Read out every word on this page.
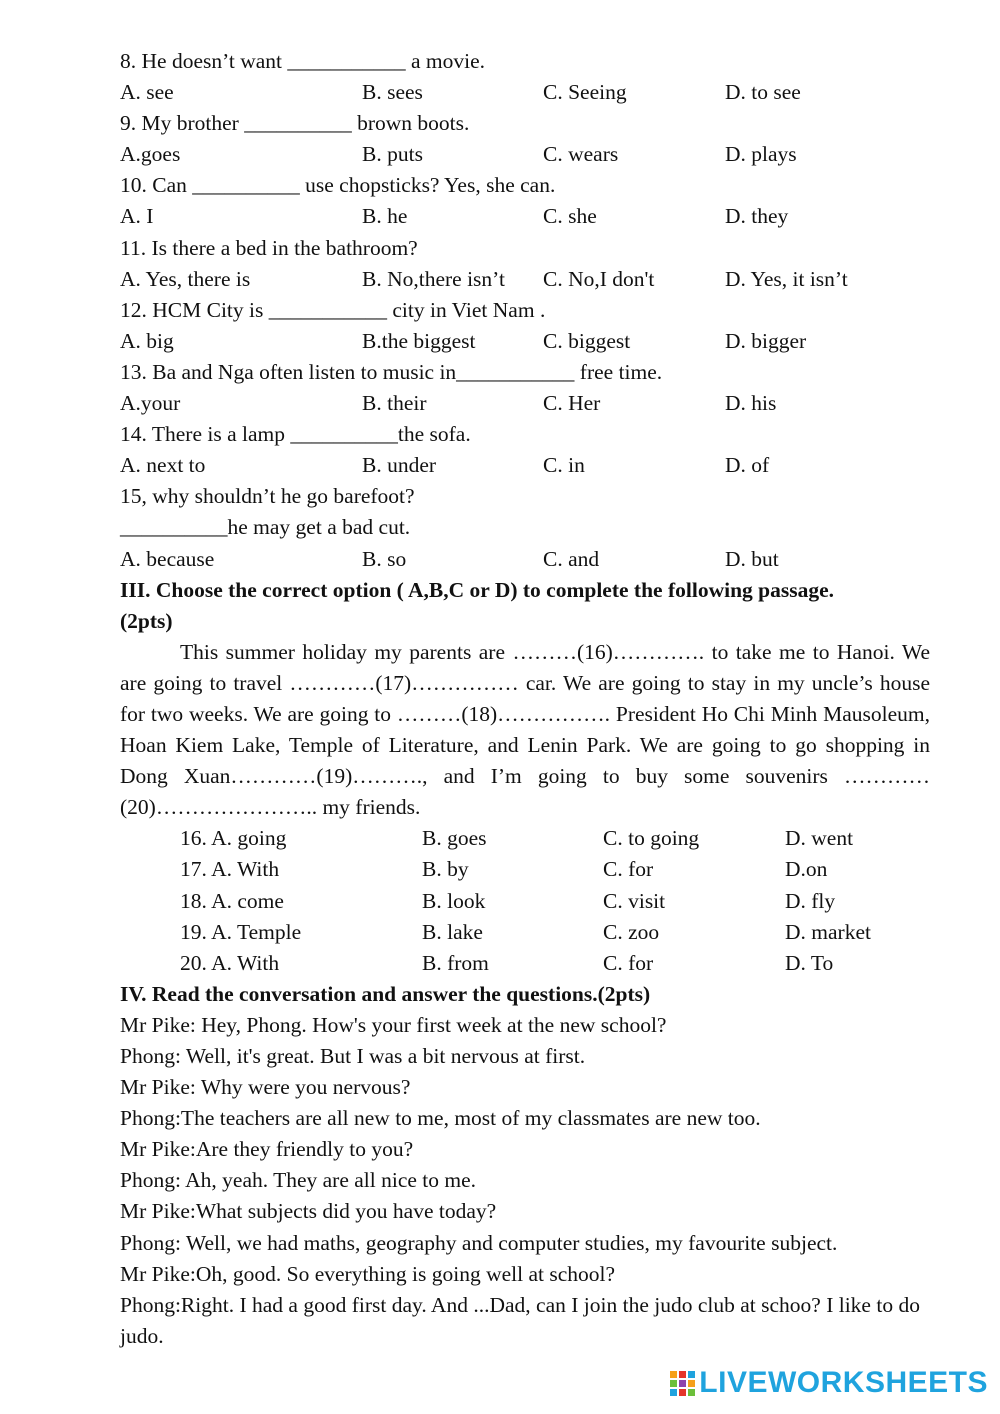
8. He doesn’t want ___________ a movie.
A. see	B. sees	C. Seeing	D. to see
9. My brother __________ brown boots.
A.goes	B. puts	C. wears	D. plays
10. Can __________ use chopsticks? Yes, she can.
A. I	B. he	C. she	D. they
11. Is there a bed in the bathroom?
A. Yes, there is	B. No,there isn’t C. No,I don't	D. Yes, it isn’t
12. HCM City is ___________ city in Viet Nam .
A. big	B.the biggest	C. biggest	D. bigger
13. Ba and Nga often listen to music in___________ free time.
A.your	B. their	C. Her	D. his
14. There is a lamp __________the sofa.
A. next to	B. under	C. in	D. of
15, why shouldn’t he go barefoot?
__________he may get a bad cut.
A. because	B. so	C. and	D. but
III. Choose the correct option ( A,B,C or D) to complete the following passage.
(2pts)
This summer holiday my parents are ………(16)…………. to take me to Hanoi. We are going to travel …………(17)…………… car. We are going to stay in my uncle’s house for two weeks. We are going to ………(18)……………. President Ho Chi Minh Mausoleum, Hoan Kiem Lake, Temple of Literature, and Lenin Park. We are going to go shopping in Dong Xuan…………(19)………., and I’m going to buy some souvenirs …………(20)………………….. my friends.
16. A. going	B. goes	C. to going	D. went
17. A. With	B. by	C. for	D.on
18. A. come	B. look	C. visit	D. fly
19. A. Temple	B. lake	C. zoo	D. market
20. A. With	B. from	C. for	D. To
IV. Read the conversation and answer the questions.(2pts)
Mr Pike: Hey, Phong. How's your first week at the new school?
Phong: Well, it's great. But I was a bit nervous at first.
Mr Pike: Why were you nervous?
Phong:The teachers are all new to me, most of my classmates are new too.
Mr Pike:Are they friendly to you?
Phong: Ah, yeah. They are all nice to me.
Mr Pike:What subjects did you have today?
Phong: Well, we had maths, geography and computer studies, my favourite subject.
Mr Pike:Oh, good. So everything is going well at school?
Phong:Right. I had a good first day. And ...Dad, can I join the judo club at schoo? I like to do judo.
LIVEWORKSHEETS
